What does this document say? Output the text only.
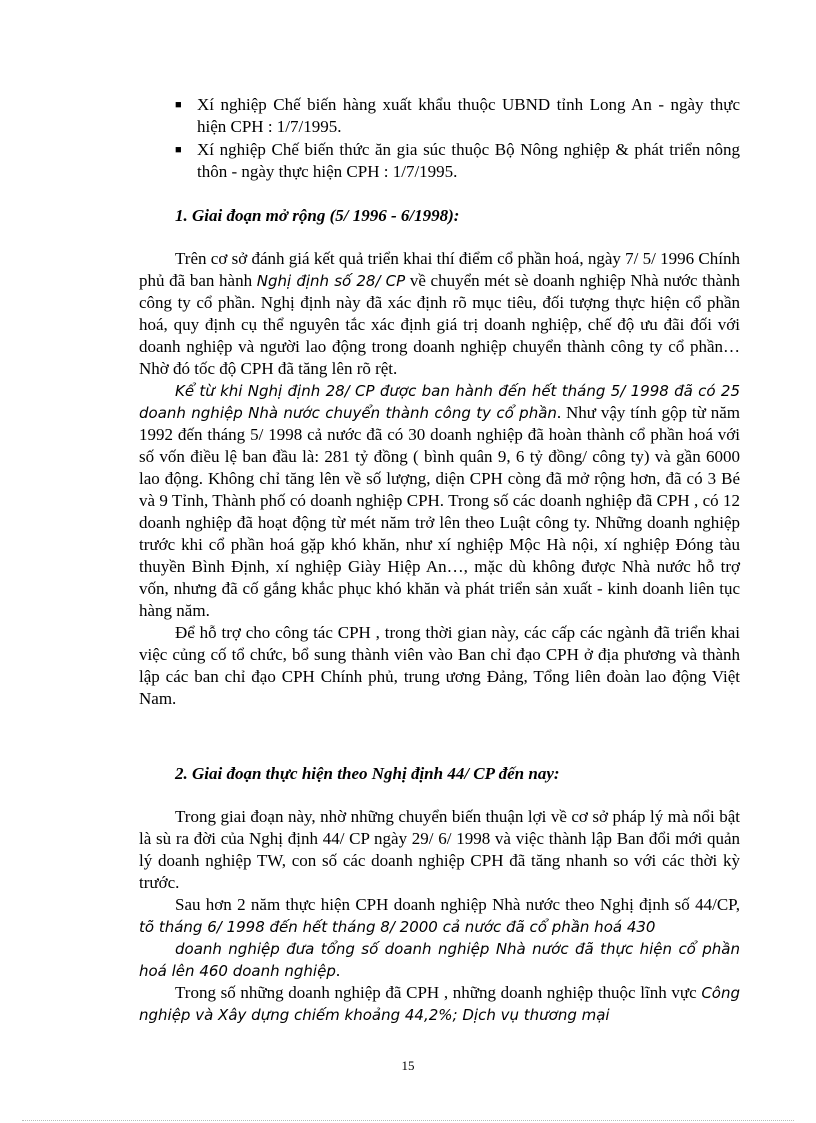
■ Xí nghiệp Chế biến hàng xuất khẩu thuộc UBND tỉnh Long An - ngày thực hiện CPH : 1/7/1995.
■ Xí nghiệp Chế biến thức ăn gia súc thuộc Bộ Nông nghiệp & phát triển nông thôn - ngày thực hiện CPH : 1/7/1995.
1. Giai đoạn mở rộng (5/ 1996 - 6/1998):

Trên cơ sở đánh giá kết quả triển khai thí điểm cổ phần hoá, ngày 7/ 5/ 1996 Chính phủ đã ban hành Nghị định số 28/ CP về chuyển mét sè doanh nghiệp Nhà nước thành công ty cổ phần. Nghị định này đã xác định rõ mục tiêu, đối tượng thực hiện cổ phần hoá, quy định cụ thể nguyên tắc xác định giá trị doanh nghiệp, chế độ ưu đãi đối với doanh nghiệp và người lao động trong doanh nghiệp chuyển thành công ty cổ phần…Nhờ đó tốc độ CPH đã tăng lên rõ rệt.

Kể từ khi Nghị định 28/ CP được ban hành đến hết tháng 5/ 1998 đã có 25 doanh nghiệp Nhà nước chuyển thành công ty cổ phần. Như vậy tính gộp từ năm 1992 đến tháng 5/ 1998 cả nước đã có 30 doanh nghiệp đã hoàn thành cổ phần hoá với số vốn điều lệ ban đầu là: 281 tỷ đồng ( bình quân 9, 6 tỷ đồng/ công ty) và gần 6000 lao động. Không chỉ tăng lên về số lượng, diện CPH còng đã mở rộng hơn, đã có 3 Bé và 9 Tỉnh, Thành phố có doanh nghiệp CPH. Trong số các doanh nghiệp đã CPH , có 12 doanh nghiệp đã hoạt động từ mét năm trở lên theo Luật công ty. Những doanh nghiệp trước khi cổ phần hoá gặp khó khăn, như xí nghiệp Mộc Hà nội, xí nghiệp Đóng tàu thuyền Bình Định, xí nghiệp Giày Hiệp An…, mặc dù không được Nhà nước hỗ trợ vốn, nhưng đã cố gắng khắc phục khó khăn và phát triển sản xuất - kinh doanh liên tục hàng năm.

Để hỗ trợ cho công tác CPH , trong thời gian này, các cấp các ngành đã triển khai việc củng cố tổ chức, bổ sung thành viên vào Ban chỉ đạo CPH ở địa phương và thành lập các ban chỉ đạo CPH Chính phủ, trung ương Đảng, Tổng liên đoàn lao động Việt Nam.

2. Giai đoạn thực hiện theo Nghị định 44/ CP đến nay:

Trong giai đoạn này, nhờ những chuyển biến thuận lợi về cơ sở pháp lý mà nổi bật là sù ra đời của Nghị định 44/ CP ngày 29/ 6/ 1998 và việc thành lập Ban đổi mới quản lý doanh nghiệp TW, con số các doanh nghiệp CPH đã tăng nhanh so với các thời kỳ trước.

Sau hơn 2 năm thực hiện CPH doanh nghiệp Nhà nước theo Nghị định số 44/CP, tõ tháng 6/ 1998 đến hết tháng 8/ 2000 cả nước đã cổ phần hoá 430

doanh nghiệp đưa tổng số doanh nghiệp Nhà nước đã thực hiện cổ phần hoá lên 460 doanh nghiệp.

Trong số những doanh nghiệp đã CPH , những doanh nghiệp thuộc lĩnh vực Công nghiệp và Xây dựng chiếm khoảng 44,2%; Dịch vụ thương mại

15
